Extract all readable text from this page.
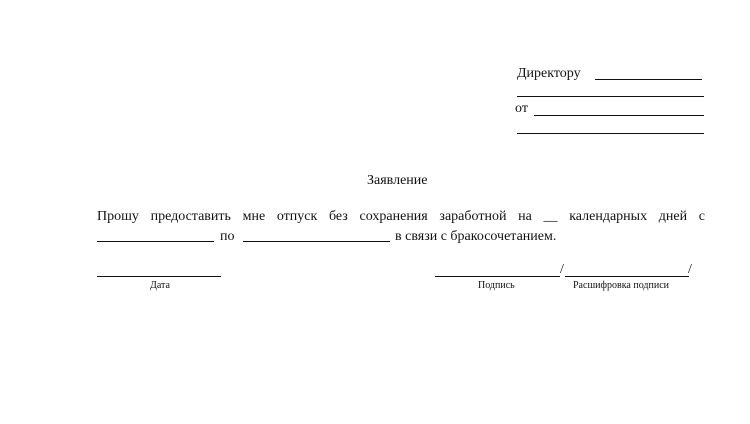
Директору
от
Заявление
Прошу предоставить мне отпуск без сохранения заработной на __ календарных дней с
по	в связи с бракосочетанием.
Дата
/	/
Подпись	Расшифровка подписи
